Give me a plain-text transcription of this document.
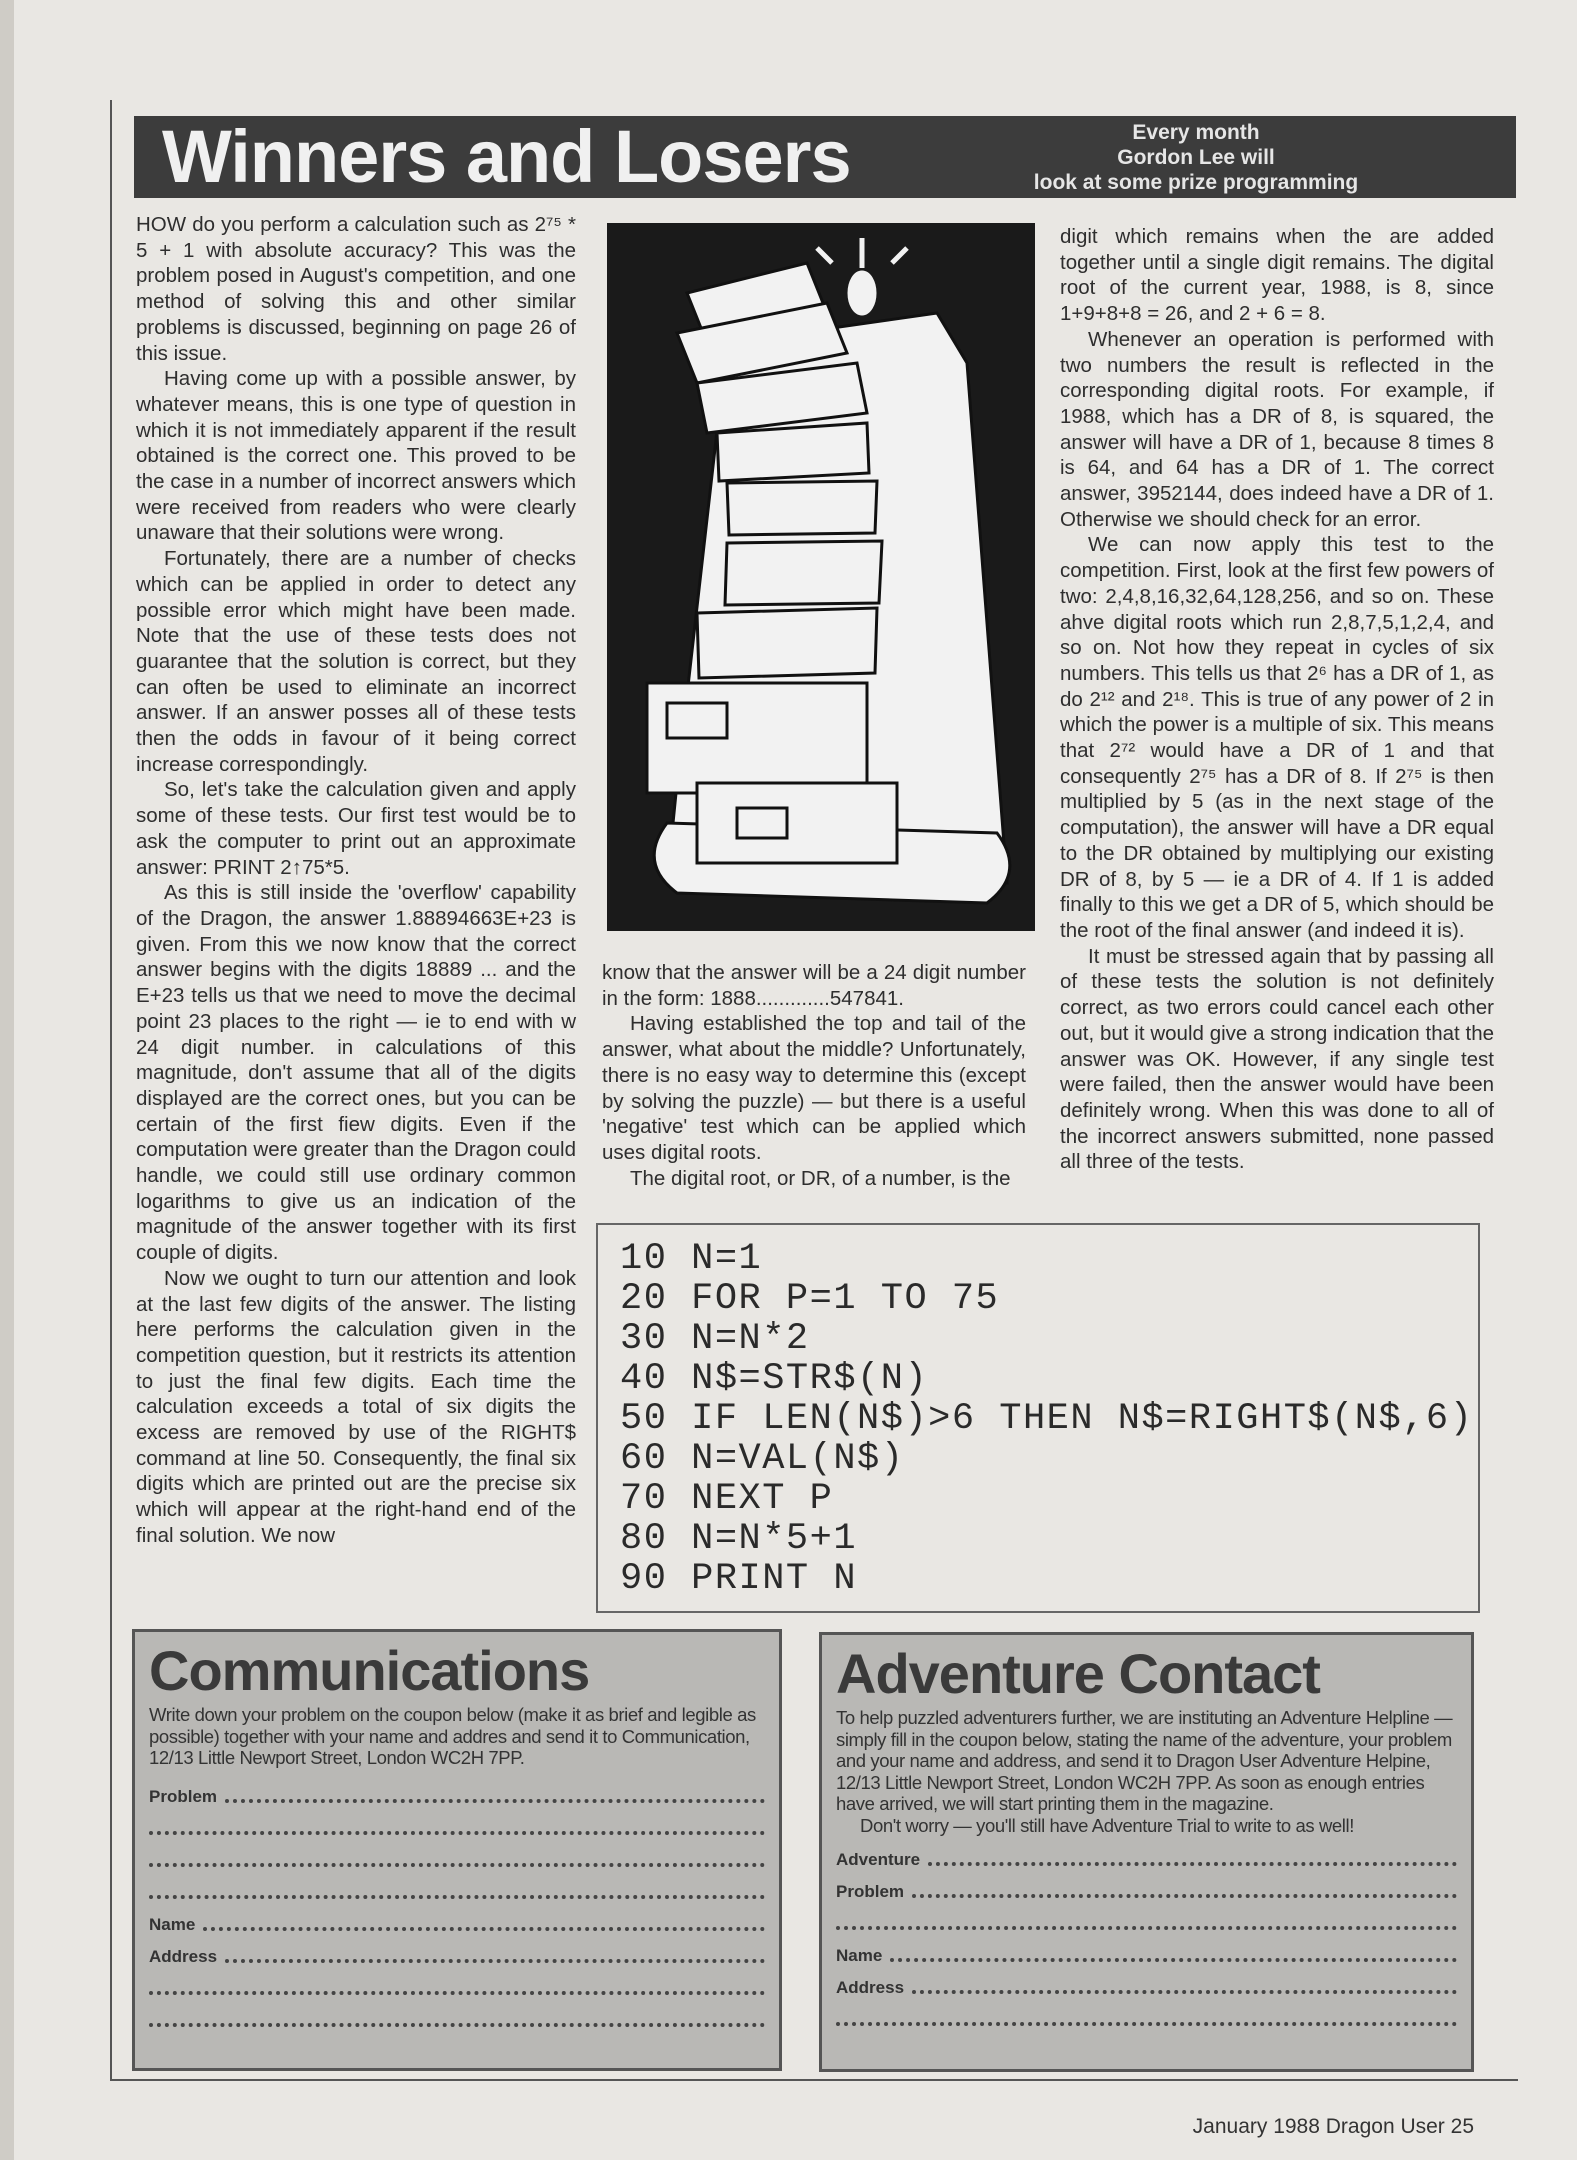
Winners and Losers	Every month
Gordon Lee will
look at some prize programming

HOW do you perform a calculation such as 2⁷⁵ * 5 + 1 with absolute accuracy? This was the problem posed in August's competition, and one method of solving this and other similar problems is discussed, beginning on page 26 of this issue.

Having come up with a possible answer, by whatever means, this is one type of question in which it is not immediately apparent if the result obtained is the correct one. This proved to be the case in a number of incorrect answers which were received from readers who were clearly unaware that their solutions were wrong.

Fortunately, there are a number of checks which can be applied in order to detect any possible error which might have been made. Note that the use of these tests does not guarantee that the solution is correct, but they can often be used to eliminate an incorrect answer. If an answer posses all of these tests then the odds in favour of it being correct increase correspondingly.

So, let's take the calculation given and apply some of these tests. Our first test would be to ask the computer to print out an approximate answer: PRINT 2↑75*5.

As this is still inside the 'overflow' capability of the Dragon, the answer 1.88894663E+23 is given. From this we now know that the correct answer begins with the digits 18889 ... and the E+23 tells us that we need to move the decimal point 23 places to the right — ie to end with w 24 digit number. in calculations of this magnitude, don't assume that all of the digits displayed are the correct ones, but you can be certain of the first fiew digits. Even if the computation were greater than the Dragon could handle, we could still use ordinary common logarithms to give us an indication of the magnitude of the answer together with its first couple of digits.

Now we ought to turn our attention and look at the last few digits of the answer. The listing here performs the calculation given in the competition question, but it restricts its attention to just the final few digits. Each time the calculation exceeds a total of six digits the excess are removed by use of the RIGHT$ command at line 50. Consequently, the final six digits which are printed out are the precise six which will appear at the right-hand end of the final solution. We now

know that the answer will be a 24 digit number in the form: 1888.............547841.

Having established the top and tail of the answer, what about the middle? Unfortunately, there is no easy way to determine this (except by solving the puzzle) — but there is a useful 'negative' test which can be applied which uses digital roots.

The digital root, or DR, of a number, is the

digit which remains when the are added together until a single digit remains. The digital root of the current year, 1988, is 8, since 1+9+8+8 = 26, and 2 + 6 = 8.

Whenever an operation is performed with two numbers the result is reflected in the corresponding digital roots. For example, if 1988, which has a DR of 8, is squared, the answer will have a DR of 1, because 8 times 8 is 64, and 64 has a DR of 1. The correct answer, 3952144, does indeed have a DR of 1. Otherwise we should check for an error.

We can now apply this test to the competition. First, look at the first few powers of two: 2,4,8,16,32,64,128,256, and so on. These ahve digital roots which run 2,8,7,5,1,2,4, and so on. Not how they repeat in cycles of six numbers. This tells us that 2⁶ has a DR of 1, as do 2¹² and 2¹⁸. This is true of any power of 2 in which the power is a multiple of six. This means that 2⁷² would have a DR of 1 and that consequently 2⁷⁵ has a DR of 8. If 2⁷⁵ is then multiplied by 5 (as in the next stage of the computation), the answer will have a DR equal to the DR obtained by multiplying our existing DR of 8, by 5 — ie a DR of 4. If 1 is added finally to this we get a DR of 5, which should be the root of the final answer (and indeed it is).

It must be stressed again that by passing all of these tests the solution is not definitely correct, as two errors could cancel each other out, but it would give a strong indication that the answer was OK. However, if any single test were failed, then the answer would have been definitely wrong. When this was done to all of the incorrect answers submitted, none passed all three of the tests.

10 N=1
20 FOR P=1 TO 75
30 N=N*2
40 N$=STR$(N)
50 IF LEN(N$)>6 THEN N$=RIGHT$(N$,6)
60 N=VAL(N$)
70 NEXT P
80 N=N*5+1
90 PRINT N
Communications

Write down your problem on the coupon below (make it as brief and legible as possible) together with your name and addres and send it to Communication, 12/13 Little Newport Street, London WC2H 7PP.

Problem
Name
Address
Adventure Contact

To help puzzled adventurers further, we are instituting an Adventure Helpline — simply fill in the coupon below, stating the name of the adventure, your problem and your name and address, and send it to Dragon User Adventure Helpine, 12/13 Little Newport Street, London WC2H 7PP. As soon as enough entries have arrived, we will start printing them in the magazine.

Don't worry — you'll still have Adventure Trial to write to as well!

Adventure
Problem
Name
Address
January 1988 Dragon User 25
